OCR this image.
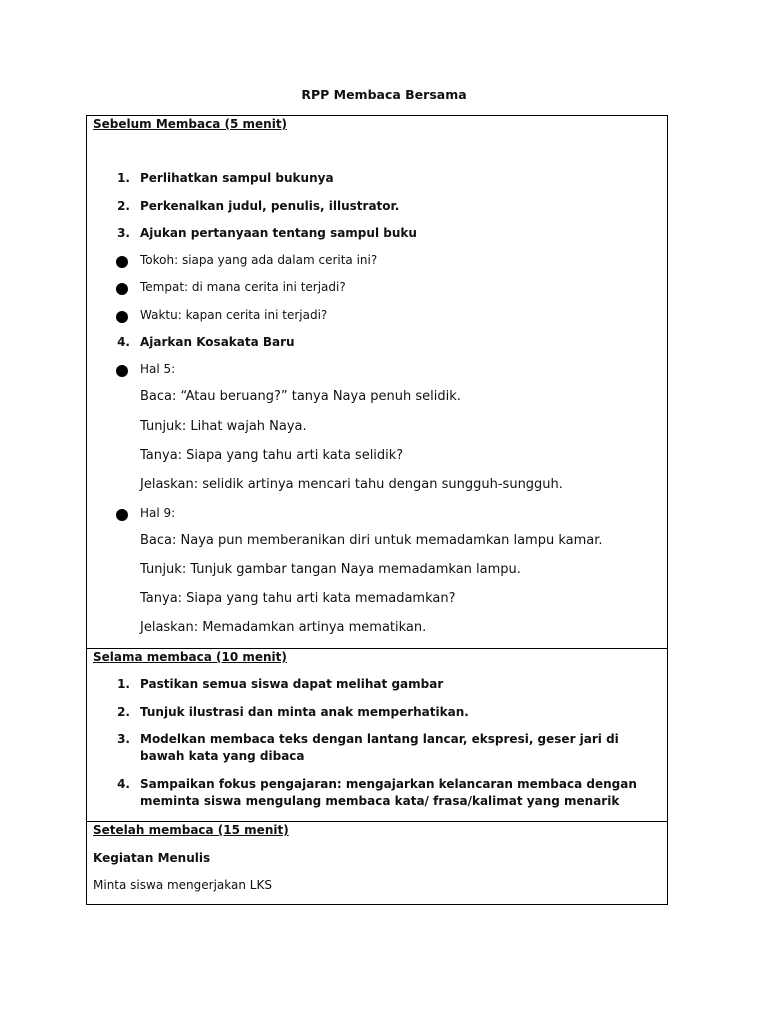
RPP Membaca Bersama
Sebelum Membaca (5 menit)
1. Perlihatkan sampul bukunya
2. Perkenalkan judul, penulis, illustrator.
3. Ajukan pertanyaan tentang sampul buku
Tokoh: siapa yang ada dalam cerita ini?
Tempat: di mana cerita ini terjadi?
Waktu: kapan cerita ini terjadi?
4. Ajarkan Kosakata Baru
Hal 5:
Baca: “Atau beruang?” tanya Naya penuh selidik.
Tunjuk: Lihat wajah Naya.
Tanya: Siapa yang tahu arti kata selidik?
Jelaskan: selidik artinya mencari tahu dengan sungguh-sungguh.
Hal 9:
Baca: Naya pun memberanikan diri untuk memadamkan lampu kamar.
Tunjuk: Tunjuk gambar tangan Naya memadamkan lampu.
Tanya: Siapa yang tahu arti kata memadamkan?
Jelaskan: Memadamkan artinya mematikan.
Selama membaca (10 menit)
1. Pastikan semua siswa dapat melihat gambar
2. Tunjuk ilustrasi dan minta anak memperhatikan.
3. Modelkan membaca teks dengan lantang lancar, ekspresi, geser jari di bawah kata yang dibaca
4. Sampaikan fokus pengajaran: mengajarkan kelancaran membaca dengan meminta siswa mengulang membaca kata/ frasa/kalimat yang menarik
Setelah membaca (15 menit)
Kegiatan Menulis
Minta siswa mengerjakan LKS
